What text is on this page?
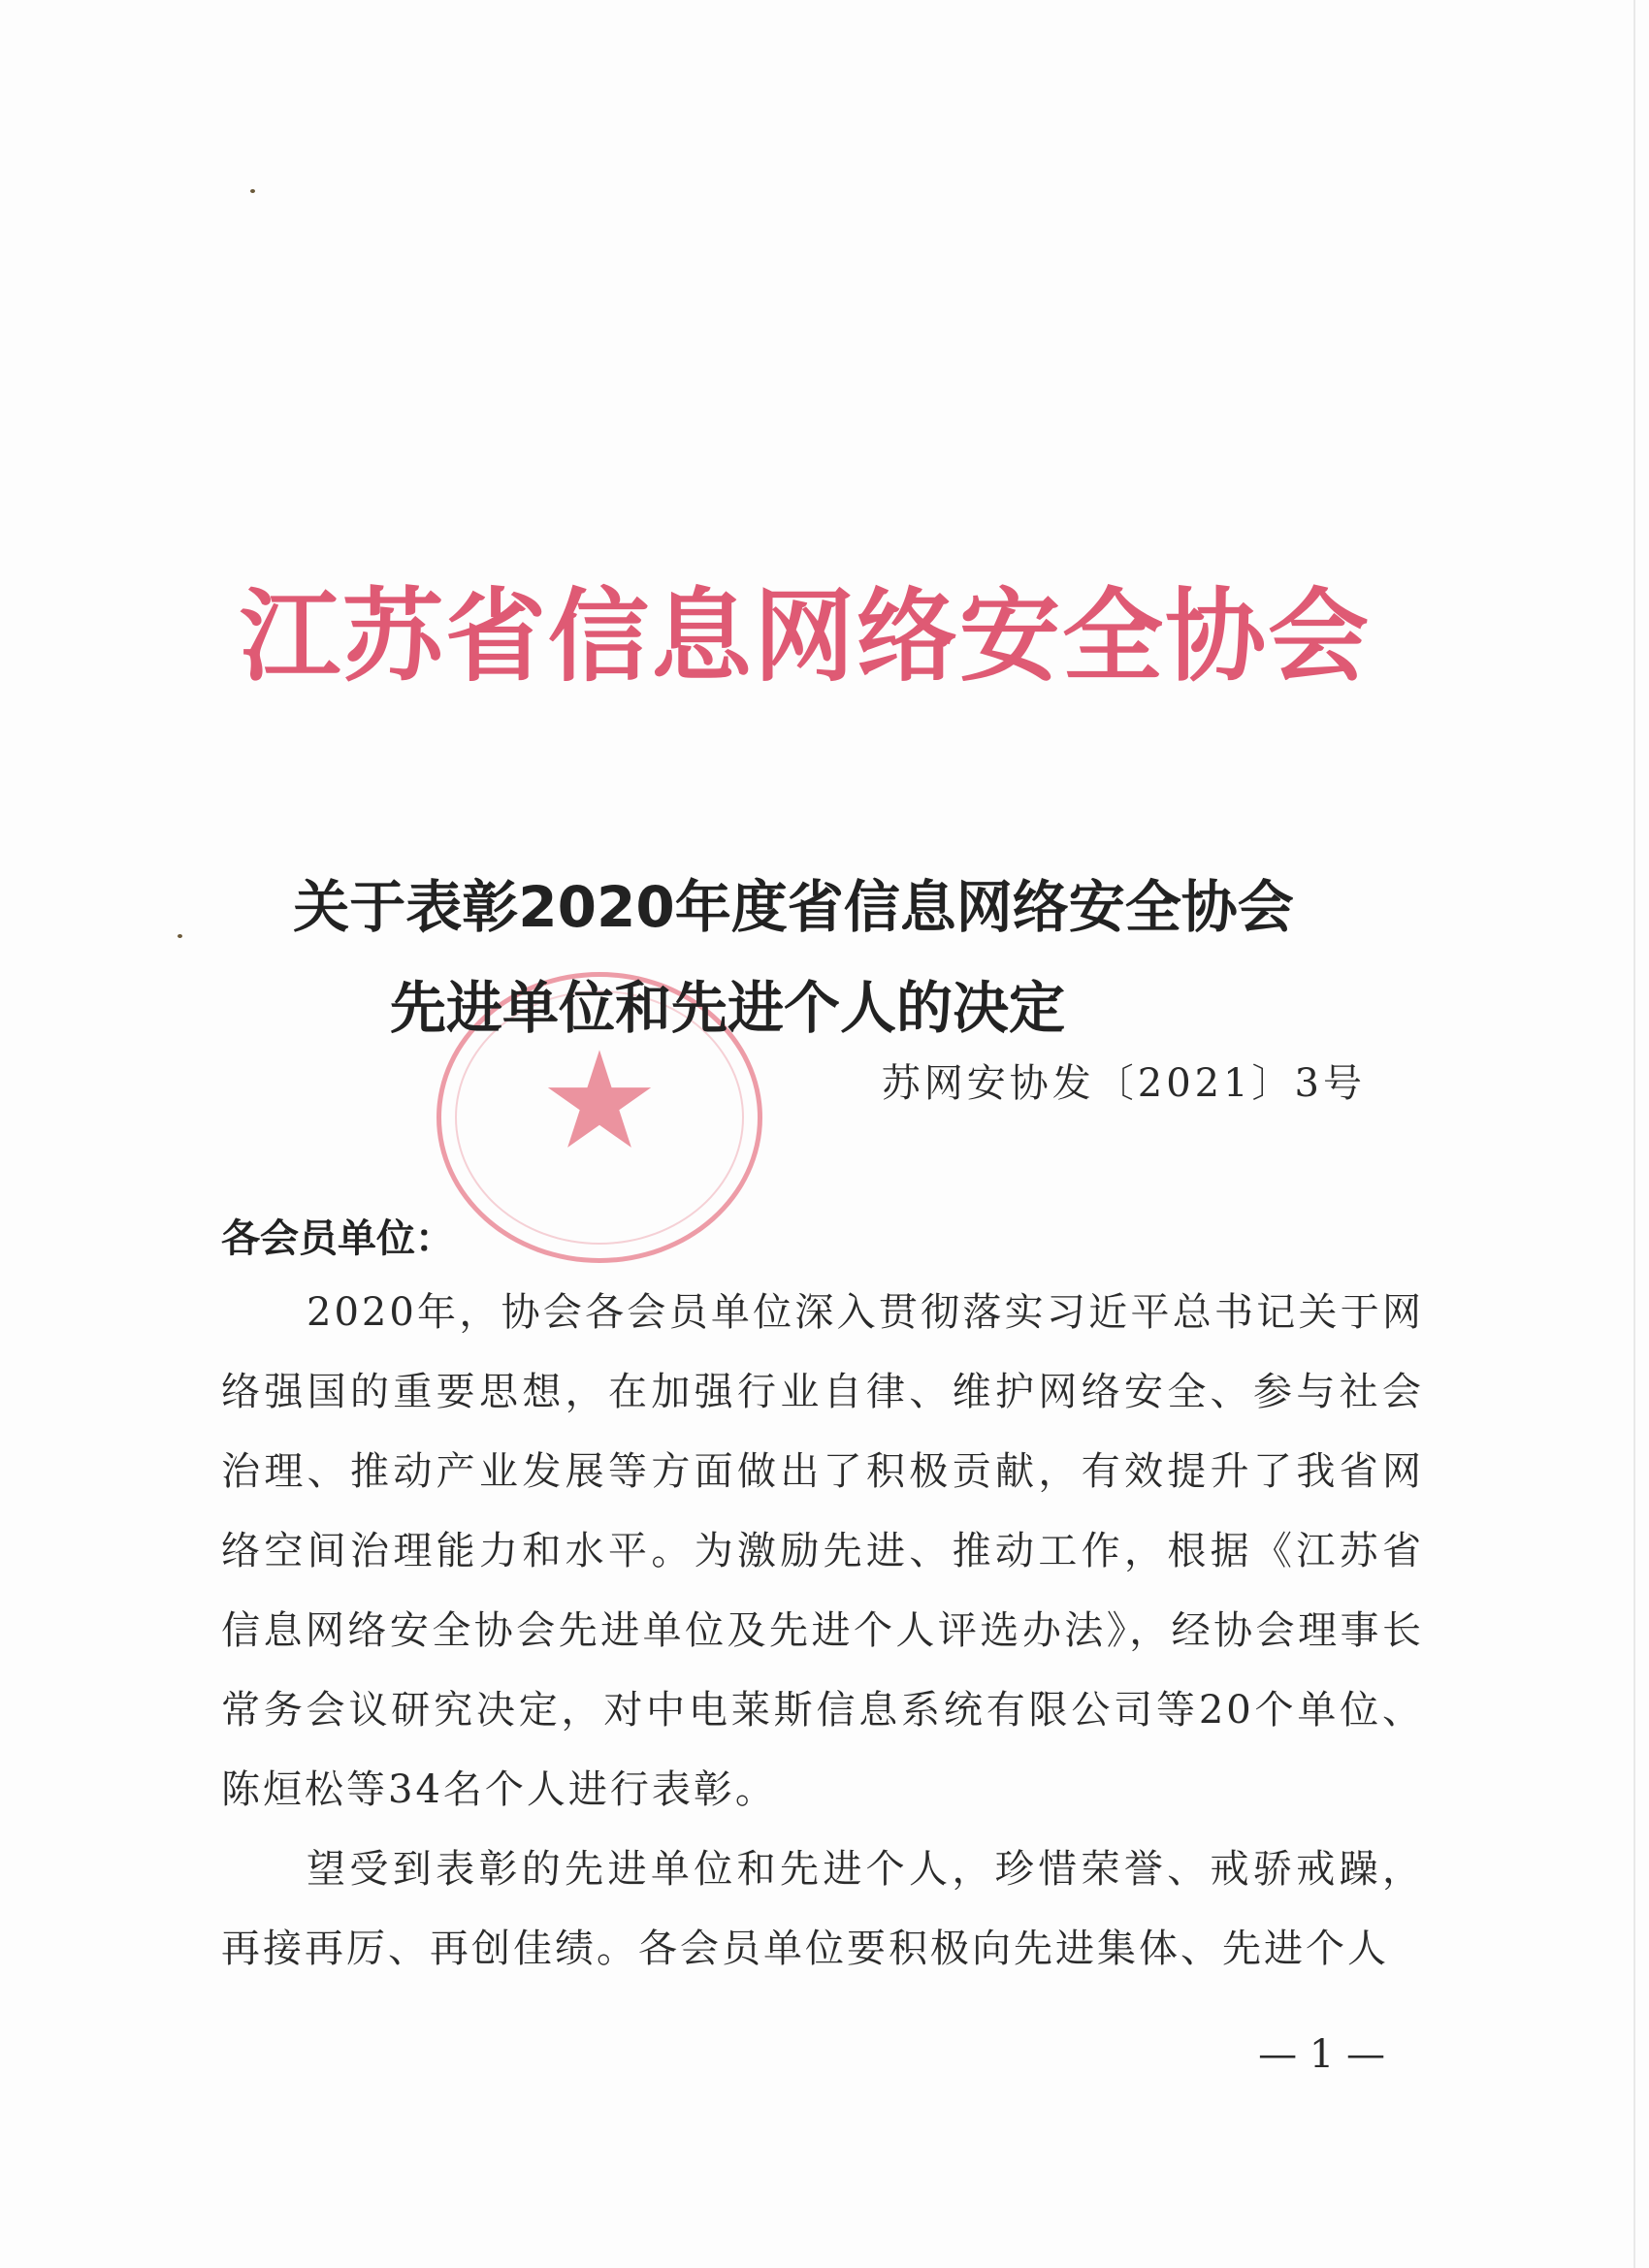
江苏省信息网络安全协会
关于表彰2020年度省信息网络安全协会
先进单位和先进个人的决定
苏网安协发〔2021〕3号
各会员单位：
2020年，协会各会员单位深入贯彻落实习近平总书记关于网络强国的重要思想，在加强行业自律、维护网络安全、参与社会治理、推动产业发展等方面做出了积极贡献，有效提升了我省网络空间治理能力和水平。为激励先进、推动工作，根据《江苏省信息网络安全协会先进单位及先进个人评选办法》，经协会理事长常务会议研究决定，对中电莱斯信息系统有限公司等20个单位、陈烜松等34名个人进行表彰。
望受到表彰的先进单位和先进个人，珍惜荣誉、戒骄戒躁，再接再厉、再创佳绩。各会员单位要积极向先进集体、先进个人
— 1 —
